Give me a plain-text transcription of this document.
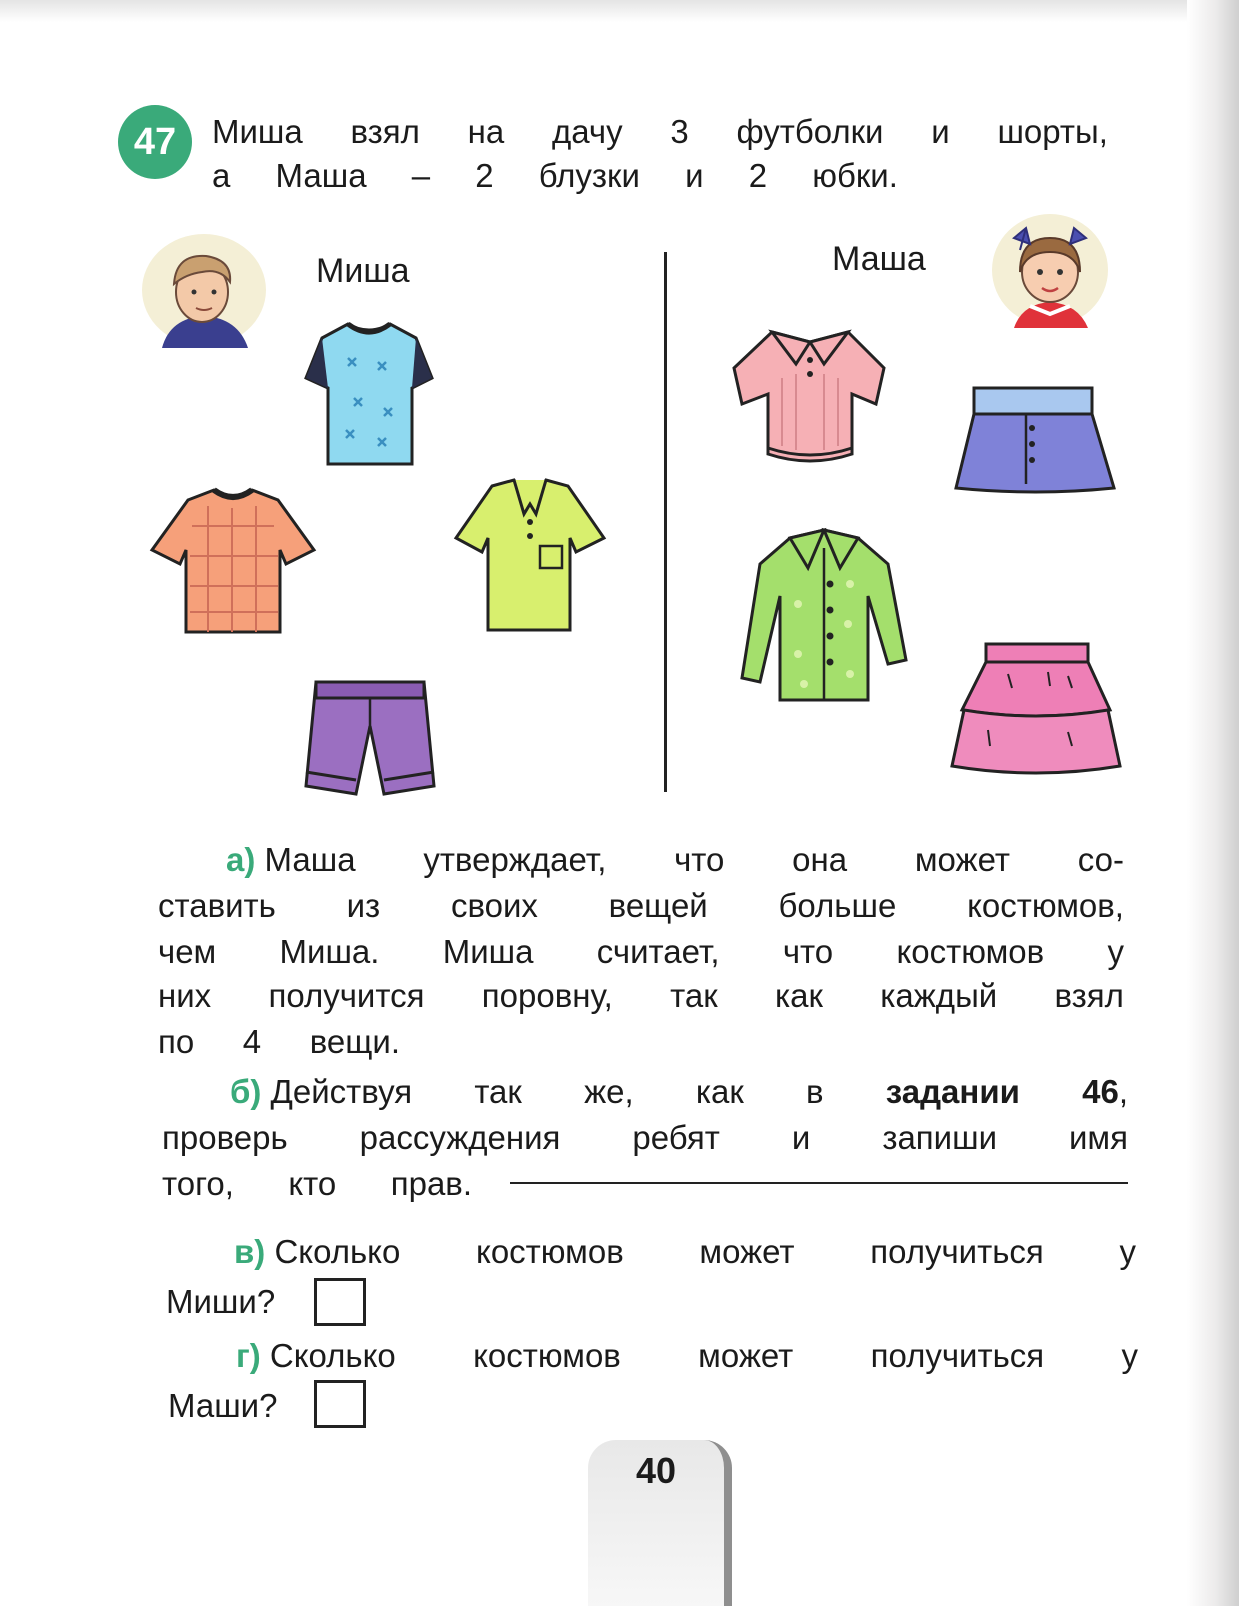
47	Миша взял на дачу 3 футболки и шорты,
а Маша – 2 блузки и 2 юбки.
Миша	Маша
а) Маша утверждает, что она может со-
ставить из своих вещей больше костюмов,
чем Миша. Миша считает, что костюмов у
них получится поровну, так как каждый взял
по 4 вещи.
б) Действуя так же, как в задании 46,
проверь рассуждения ребят и запиши имя
того, кто прав.
в) Сколько костюмов может получиться у
Миши?
г) Сколько костюмов может получиться у
Маши?
40
